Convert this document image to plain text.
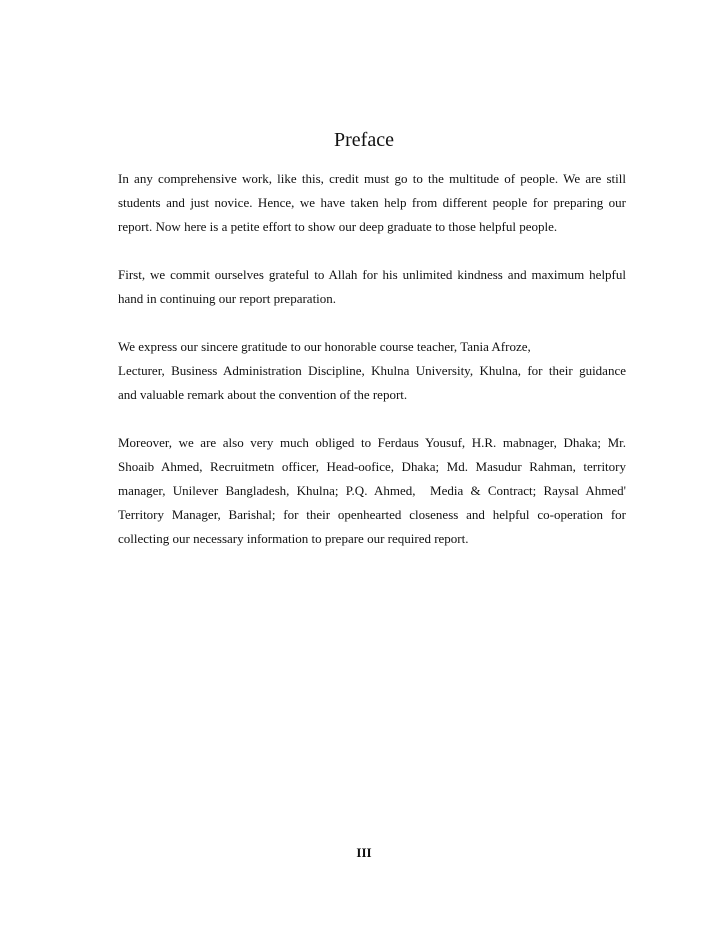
Preface

In any comprehensive work, like this, credit must go to the multitude of people. We are still
students and just novice. Hence, we have taken help from different people for preparing our
report. Now here is a petite effort to show our deep graduate to those helpful people.

First, we commit ourselves grateful to Allah for his unlimited kindness and maximum helpful
hand in continuing our report preparation.

We express our sincere gratitude to our honorable course teacher, Tania Afroze,
Lecturer, Business Administration Discipline, Khulna University, Khulna, for their guidance
and valuable remark about the convention of the report.

Moreover, we are also very much obliged to Ferdaus Yousuf, H.R. mabnager, Dhaka; Mr.
Shoaib Ahmed, Recruitmetn officer, Head-oofice, Dhaka; Md. Masudur Rahman, territory
manager, Unilever Bangladesh, Khulna; P.Q. Ahmed,  Media & Contract; Raysal Ahmed'
Territory Manager, Barishal; for their openhearted closeness and helpful co-operation for
collecting our necessary information to prepare our required report.

III
